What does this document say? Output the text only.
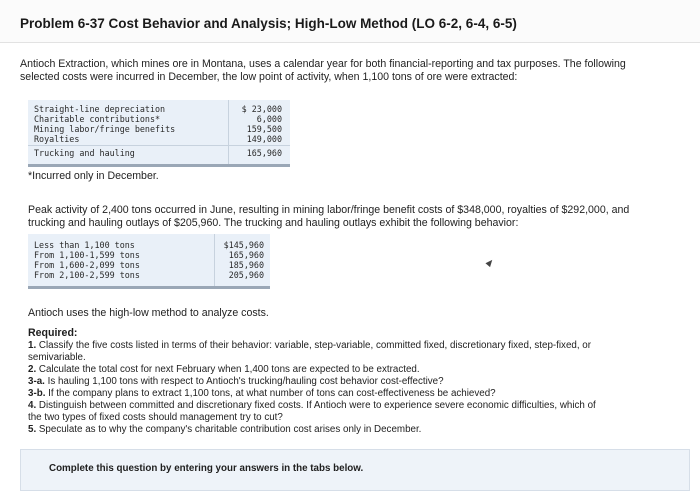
Problem 6-37 Cost Behavior and Analysis; High-Low Method (LO 6-2, 6-4, 6-5)
Antioch Extraction, which mines ore in Montana, uses a calendar year for both financial-reporting and tax purposes. The following
selected costs were incurred in December, the low point of activity, when 1,100 tons of ore were extracted:
Straight-line depreciation	$ 23,000
Charitable contributions*	6,000
Mining labor/fringe benefits	159,500
Royalties	149,000
Trucking and hauling	165,960
*Incurred only in December.
Peak activity of 2,400 tons occurred in June, resulting in mining labor/fringe benefit costs of $348,000, royalties of $292,000, and
trucking and hauling outlays of $205,960. The trucking and hauling outlays exhibit the following behavior:
Less than 1,100 tons	$145,960
From 1,100-1,599 tons	165,960
From 1,600-2,099 tons	185,960
From 2,100-2,599 tons	205,960
Antioch uses the high-low method to analyze costs.
Required:
1. Classify the five costs listed in terms of their behavior: variable, step-variable, committed fixed, discretionary fixed, step-fixed, or
semivariable.
2. Calculate the total cost for next February when 1,400 tons are expected to be extracted.
3-a. Is hauling 1,100 tons with respect to Antioch's trucking/hauling cost behavior cost-effective?
3-b. If the company plans to extract 1,100 tons, at what number of tons can cost-effectiveness be achieved?
4. Distinguish between committed and discretionary fixed costs. If Antioch were to experience severe economic difficulties, which of
the two types of fixed costs should management try to cut?
5. Speculate as to why the company's charitable contribution cost arises only in December.
Complete this question by entering your answers in the tabs below.
